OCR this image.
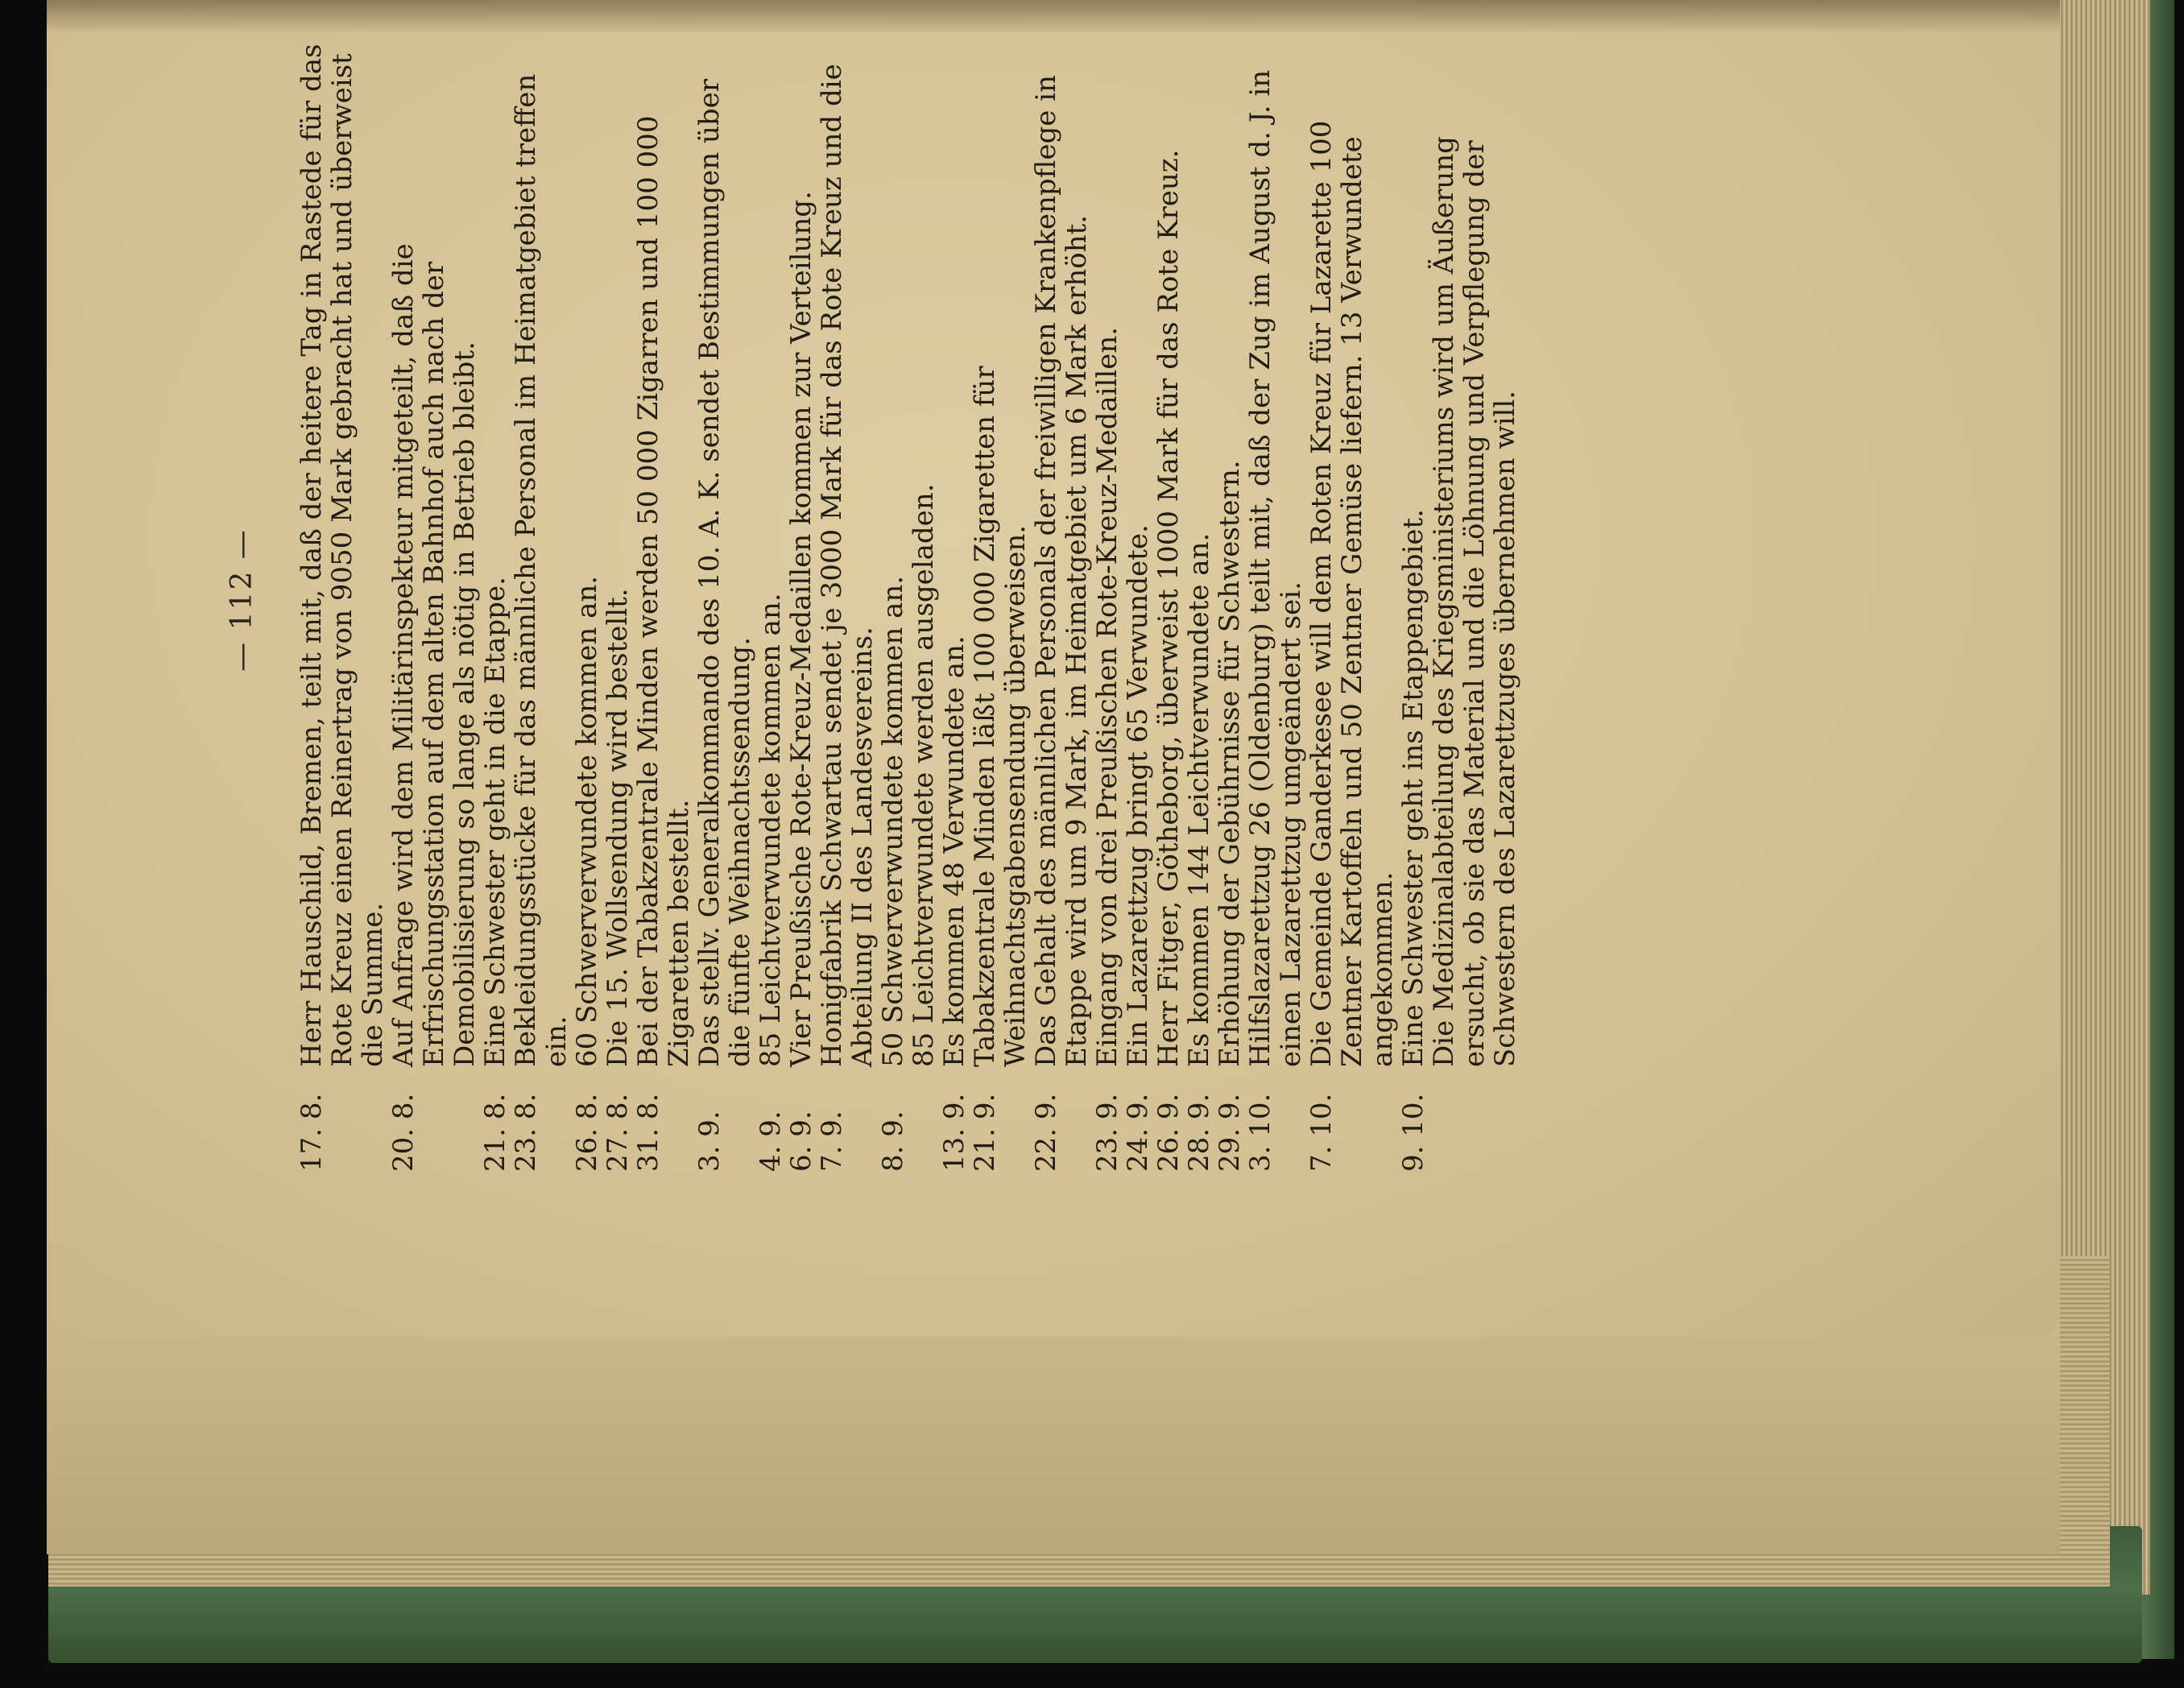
— 112 —
17. 8.
Herr Hauschild, Bremen, teilt mit, daß der heitere Tag in Rastede für das Rote Kreuz einen Reinertrag von 9050 Mark gebracht hat und überweist die Summe.
20. 8.
Auf Anfrage wird dem Militärinspekteur mitgeteilt, daß die Erfrischungsstation auf dem alten Bahnhof auch nach der Demobilisierung so lange als nötig in Betrieb bleibt.
21. 8.
Eine Schwester geht in die Etappe.
23. 8.
Bekleidungsstücke für das männliche Personal im Heimatgebiet treffen ein.
26. 8.
60 Schwerverwundete kommen an.
27. 8.
Die 15. Wollsendung wird bestellt.
31. 8.
Bei der Tabakzentrale Minden werden 50 000 Zigarren und 100 000 Zigaretten bestellt.
3. 9.
Das stellv. Generalkommando des 10. A. K. sendet Bestimmungen über die fünfte Weihnachtssendung.
4. 9.
85 Leichtverwundete kommen an.
6. 9.
Vier Preußische Rote-Kreuz-Medaillen kommen zur Verteilung.
7. 9.
Honigfabrik Schwartau sendet je 3000 Mark für das Rote Kreuz und die Abteilung II des Landesvereins.
8. 9.
50 Schwerverwundete kommen an.
85 Leichtverwundete werden ausgeladen.
13. 9.
Es kommen 48 Verwundete an.
21. 9.
Tabakzentrale Minden läßt 100 000 Zigaretten für Weihnachtsgabensendung überweisen.
22. 9.
Das Gehalt des männlichen Personals der freiwilligen Krankenpflege in Etappe wird um 9 Mark, im Heimatgebiet um 6 Mark erhöht.
23. 9.
Eingang von drei Preußischen Rote-Kreuz-Medaillen.
24. 9.
Ein Lazarettzug bringt 65 Verwundete.
26. 9.
Herr Fitger, Götheborg, überweist 1000 Mark für das Rote Kreuz.
28. 9.
Es kommen 144 Leichtverwundete an.
29. 9.
Erhöhung der Gebührnisse für Schwestern.
3. 10.
Hilfslazarettzug 26 (Oldenburg) teilt mit, daß der Zug im August d. J. in einen Lazarettzug umgeändert sei.
7. 10.
Die Gemeinde Ganderkesee will dem Roten Kreuz für Lazarette 100 Zentner Kartoffeln und 50 Zentner Gemüse liefern. 13 Verwundete angekommen.
9. 10.
Eine Schwester geht ins Etappengebiet.
Die Medizinalabteilung des Kriegsministeriums wird um Äußerung ersucht, ob sie das Material und die Löhnung und Verpflegung der Schwestern des Lazarettzuges übernehmen will.
